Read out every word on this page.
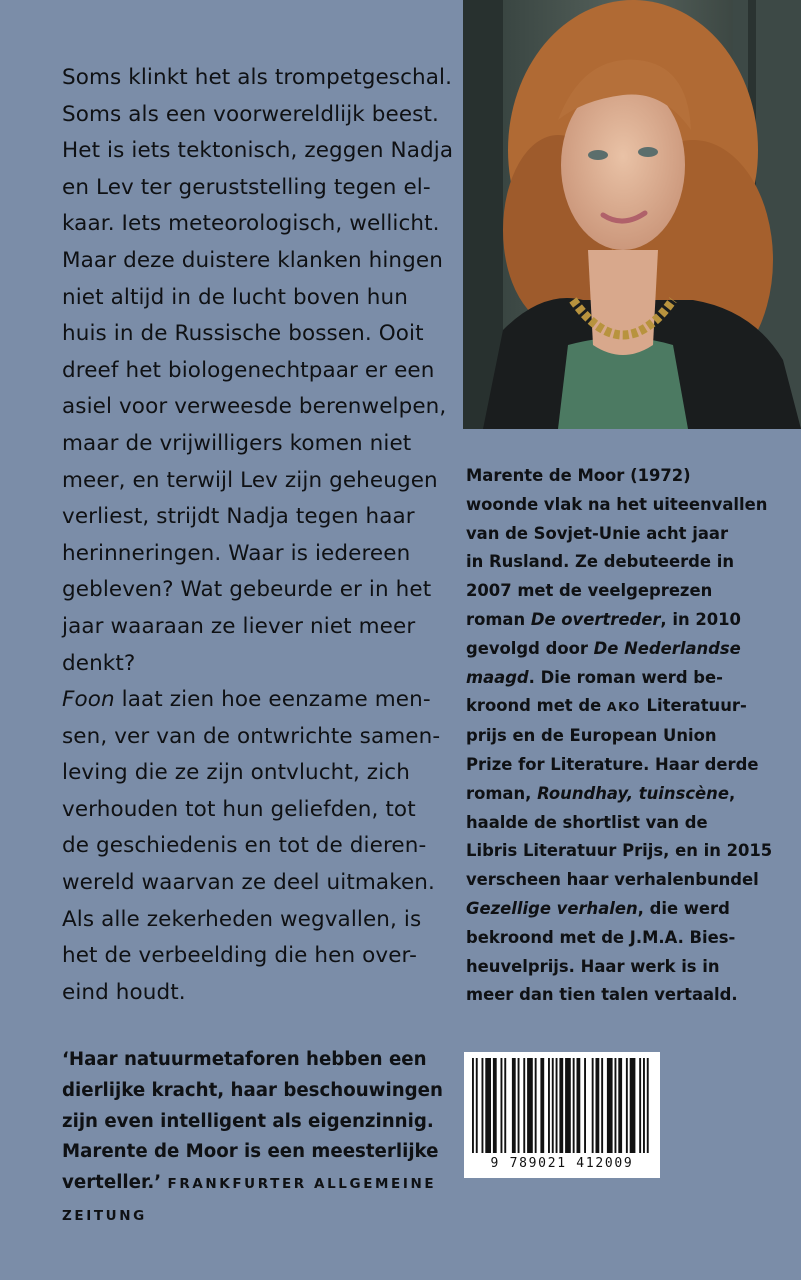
Soms klinkt het als trompetgeschal.
Soms als een voorwereldlijk beest.
Het is iets tektonisch, zeggen Nadja
en Lev ter geruststelling tegen el-
kaar. Iets meteorologisch, wellicht.
Maar deze duistere klanken hingen
niet altijd in de lucht boven hun
huis in de Russische bossen. Ooit
dreef het biologenechtpaar er een
asiel voor verweesde berenwelpen,
maar de vrijwilligers komen niet
meer, en terwijl Lev zijn geheugen
verliest, strijdt Nadja tegen haar
herinneringen. Waar is iedereen
gebleven? Wat gebeurde er in het
jaar waaraan ze liever niet meer
denkt?
Foon laat zien hoe eenzame men-
sen, ver van de ontwrichte samen-
leving die ze zijn ontvlucht, zich
verhouden tot hun geliefden, tot
de geschiedenis en tot de dieren-
wereld waarvan ze deel uitmaken.
Als alle zekerheden wegvallen, is
het de verbeelding die hen over-
eind houdt.
Marente de Moor (1972)
woonde vlak na het uiteenvallen
van de Sovjet-Unie acht jaar
in Rusland. Ze debuteerde in
2007 met de veelgeprezen
roman De overtreder, in 2010
gevolgd door De Nederlandse
maagd. Die roman werd be-
kroond met de AKO Literatuur-
prijs en de European Union
Prize for Literature. Haar derde
roman, Roundhay, tuinscène,
haalde de shortlist van de
Libris Literatuur Prijs, en in 2015
verscheen haar verhalenbundel
Gezellige verhalen, die werd
bekroond met de J.M.A. Bies-
heuvelprijs. Haar werk is in
meer dan tien talen vertaald.
‘Haar natuurmetaforen hebben een
dierlijke kracht, haar beschouwingen
zijn even intelligent als eigenzinnig.
Marente de Moor is een meesterlijke
verteller.’ FRANKFURTER ALLGEMEINE
ZEITUNG
9 789021 412009
